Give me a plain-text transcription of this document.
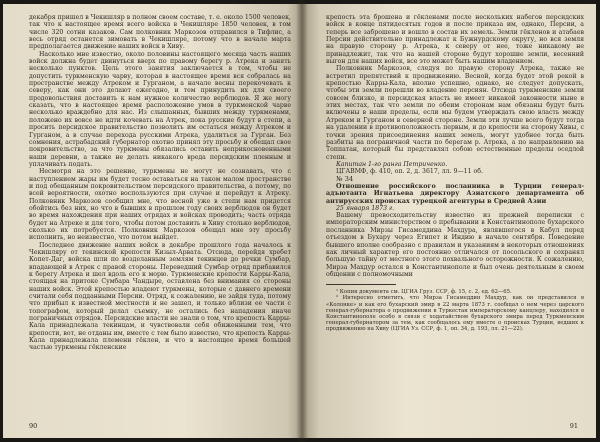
декабря пришел в Чекишляр в полном своем составе, т. е. около 1500 человек, так что к настоящее время всего войска в Чекишляре 1850 человек, в том числе 320 сотни казаков. Сам полковник Маркозов отправился в Тифлис, а весь отряд останется зимовать в Чекишляре, потому что в начале марта предполагается движение наших войск в Хиву.

Насколько мне известно, около половины настоящего месяца часть наших войск должна будет двинуться вверх по правому берегу р. Атрека и занять несколько пунктов. Цель этого занятия заключается в том, чтобы не допустить туркменскую чарву, которая в настоящее время вся собралась на пространстве между Атреком и Гурганом, а начале весны перекочевать к северу, как они это делают ежегодно, и тем принудить их для своего продовольствия доставить к нам нужное количество верблюдов. Я же могу сказать, что в настоящее время расположение умов в туркменской чарве несколько враждебно для нас. Из слышанных, бывших между туркменами, положено их вовсе не идти кочевать на Атрек, пока русские будут в степи, а просить персидское правительство позволить им остаться между Атреком и Гурганом, а в случае перехода русскими Атрека, удалиться за Гурган. Без сомнения, астрабадский губернатор охотно принял эту просьбу и обещал свое покровительство, за что туркмены обязались оставить неприкосновенными наши деревни, а также не делать никакого вреда персидским пленным и уплачивать подать.

Несмотря на это решение, туркмены не могут не сознавать, что с наступлением жары им будет тесно оставаться на таком малом пространстве и под обещанным покровительством персидского правительства, а потому, по всей вероятности, охотно воспользуются при случае и перейдут к Атреку. Полковник Маркозов сообщил мне, что весной уже в степи нам придется обойтись без них, но что в бывших в прошлом году своих верблюдов он будет во время нахождения при наших отрядах и войсках проводить; часть отряда будет на Атреке и для того, чтобы потом доставить в Хиву столько верблюдов, сколько их потребуется. Полковник Маркозов обещал мне эту просьбу исполнить, но неизвестно, что потом выйдет.

Последнее движение наших войск в декабре прошлого года началось к Чекишляру от текинской крепости Кизыл-Арвата. Отсюда, перейдя хребет Копет-Даг, войска шли по возделанным землям текинцев до речки Сумбар, впадающей в Атрек с правой стороны. Переведший Сумбар отряд прибавился к берегу Атрека и шел вдоль его к морю. Туркменские крепости Карры-Кала, стоящая на притоке Сумбара Чандыре, оставлена без внимания со стороны наших войск. Этой крепостью владеют туркмены, которые с давнего времени считали себя подданными Персии. Отряд, к сожалению, не зайдя туда, потому что прибыл к известной местности и не зашел, и только вблизи ее части с топографом, который делал съемку, не остались без нападения иначе пограничных отрядов. Персидские власти не знали о том, что крепость Карры-Кала принадлежала текинцам, и чувствовали себя обиженными тем, что крепости, вот, не отданы им, вместе с тем было известно, что крепость Карры-Кала принадлежала племени гёклен, и что в настоящее время большей частью туркмены гёкленские

90

крепость эта брошена и гёкленами после нескольких набегов персидских войск в конце пятидесятых годов и после приказа им, однако, Персии, а теперь все заброшено и вошло в состав их земель. Земли гёкленов и атабаев Персии действительно принадлежат к Бужнурдскому округу, но вся земля на правую сторону р. Атрека, к северу от нее, тоже никакому не принадлежит, так что на нашей стороне будут хорошие земли, весенний выгон для наших войск, все это может быть нашим владением.

Полковник Маркозов, следуя по правую сторону Атрека, также не встретил препятствий к продвижению. Весной, когда будет этой рекой в крепостью Карры-Кала, вполне успешно, однако, не следует допускать, чтобы эти земли перешли во владение персиян. Отсюда туркменские земли совсем близко, и персидская власть не имеет никакой законности ныне в этих местах, так что земли по обеим сторонам нам обязаны будут быть включены в наши пределы, если мы будем утверждать свою власть между Атреком и Гурганом в северной стороне. Земли эти лучше всего будут тогда на удалении в противоположность первым, и до крепости на сторону Хивы, с точки зрения присоединения наших земель, могут удобнее тогда быть разбиты на пограничной части по берегам р. Атрека, а по направлению на Топпатан, который бы представлял собою естественные пределы оседлой степи.

Капитан 1-го ранга Петриченко.

ЦГАВМФ, ф. 410, оп. 2, д. 3617, лл. 9—11 об.

№ 34

Отношение российского посланника в Турции генерал-адъютанта Игнатьева директору Азиатского департамента об антирусских происках турецкой агентуры в Средней Азии

25 января 1873 г.

Вашему превосходительству известно из прежней переписки с императорским министерством о пребывании в Константинополе бухарского посланника Мирзы Гисамеддина Махдура, являвшегося в Кабул перед отъездом в Бухару через Египет и Индию в начале сентября. Поведение бывшего вполне сообразно с правилам и указаниям в некоторых отношениях как личный характер его постоянно отличался от посольского и сохранял большую тайну от местного этого похвального осторожности. К сожалению, Мирза Махдур остался в Константинополе и был очень деятельным в своем общении с полномочными

¹ Копия документа см. ЦГИА Груз. ССР, ф. 15, с. 2, ед. 62—65.

² Интересно отметить, что Мирза Гисамеддин Махдур, как он представился в «Колонке» и как его бухарский эмир в 22 марта 1873 г. сообщал о нем через царского генерал-губернатора о продвижении в Туркестан императорскому канцлеру, находился в Константинополе особо в связи с ходатайством бухарского эмира перед Туркменским генерал-губернатором за тем, как сообщалось ему вместе о происках Турции, ведших к продвижению на Хиву (ЦГИА Уз. ССР, ф. 1, оп. 34, д. 193, лл. 21—22).

91
